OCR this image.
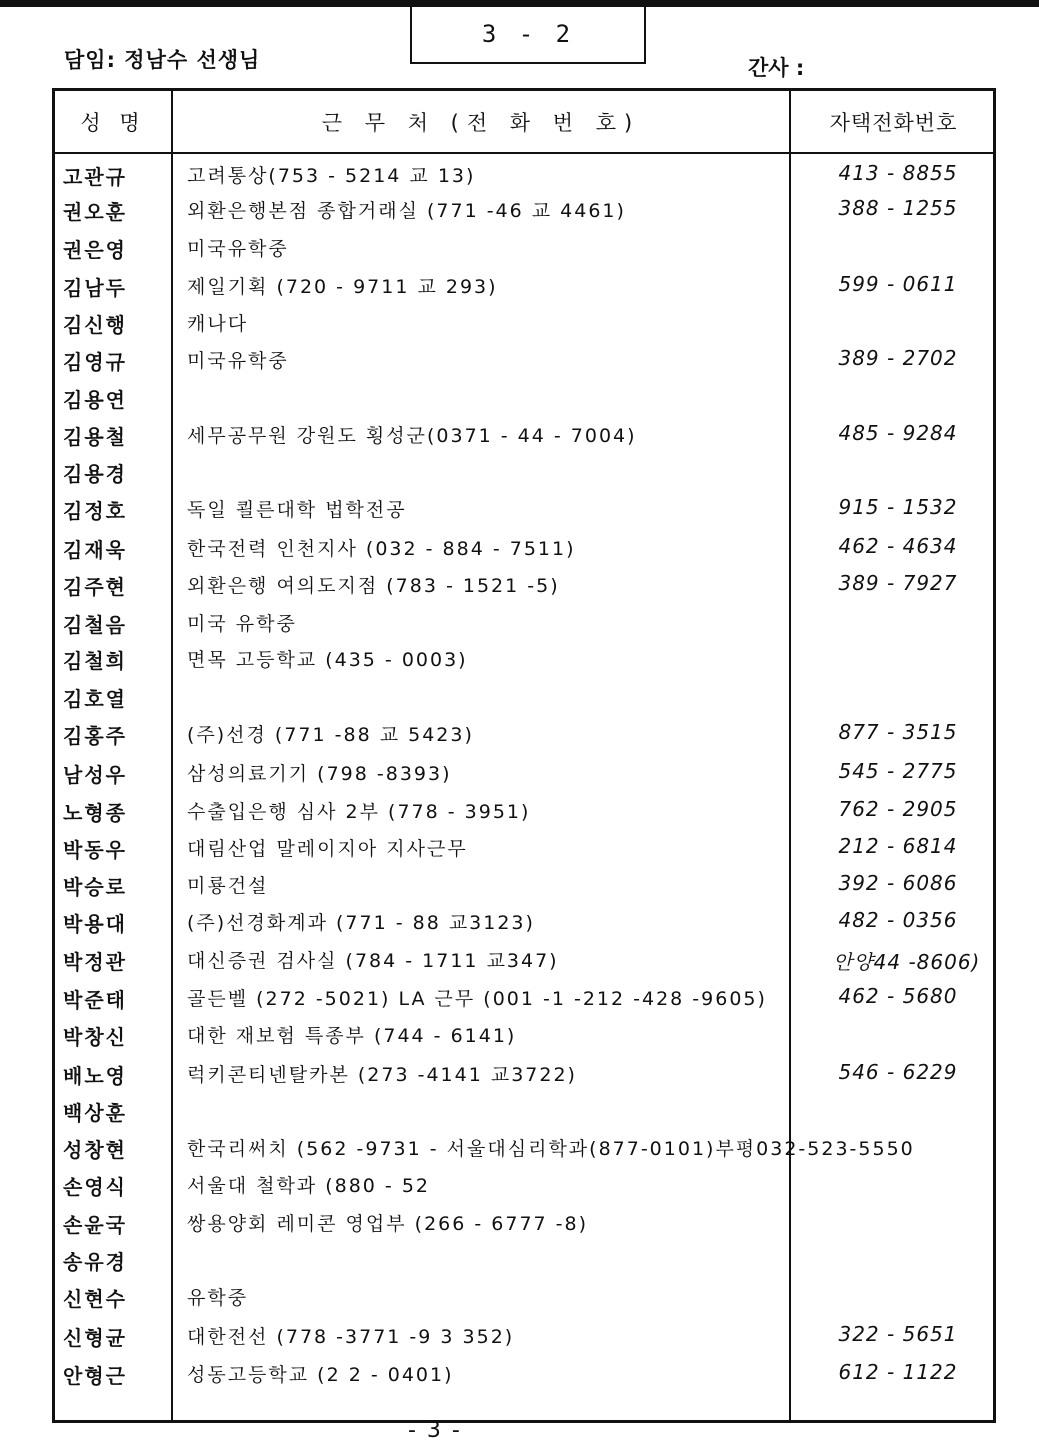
3 - 2
담임: 정남수 선생님	간사 :
성 명	근 무 처 (전 화 번 호)	자택전화번호
고관규	고려통상(753 - 5214 교 13)	413 - 8855
권오훈	외환은행본점 종합거래실 (771 -46 교 4461)	388 - 1255
권은영	미국유학중
김남두	제일기획 (720 - 9711 교 293)	599 - 0611
김신행	캐나다
김영규	미국유학중	389 - 2702
김용연
김용철	세무공무원 강원도 횡성군(0371 - 44 - 7004)	485 - 9284
김용경
김정호	독일 쾰른대학 법학전공	915 - 1532
김재욱	한국전력 인천지사 (032 - 884 - 7511)	462 - 4634
김주현	외환은행 여의도지점 (783 - 1521 -5)	389 - 7927
김철음	미국 유학중
김철희	면목 고등학교 (435 - 0003)
김호열
김홍주	(주)선경 (771 -88 교 5423)	877 - 3515
남성우	삼성의료기기 (798 -8393)	545 - 2775
노형종	수출입은행 심사 2부 (778 - 3951)	762 - 2905
박동우	대림산업 말레이지아 지사근무	212 - 6814
박승로	미룡건설	392 - 6086
박용대	(주)선경화계과 (771 - 88 교3123)	482 - 0356
박정관	대신증권 검사실 (784 - 1711 교347)	안양44 -8606)
박준태	골든벨 (272 -5021) LA 근무 (001 -1 -212 -428 -9605)	462 - 5680
박창신	대한 재보험 특종부 (744 - 6141)
배노영	럭키콘티넨탈카본 (273 -4141 교3722)	546 - 6229
백상훈
성창현	한국리써치 (562 -9731 - 서울대심리학과(877-0101)부평032-523-5550
손영식	서울대 철학과 (880 - 52
손윤국	쌍용양회 레미콘 영업부 (266 - 6777 -8)
송유경
신현수	유학중
신형균	대한전선 (778 -3771 -9 3 352)	322 - 5651
안형근	성동고등학교 (2 2 - 0401)	612 - 1122
- 3 -
